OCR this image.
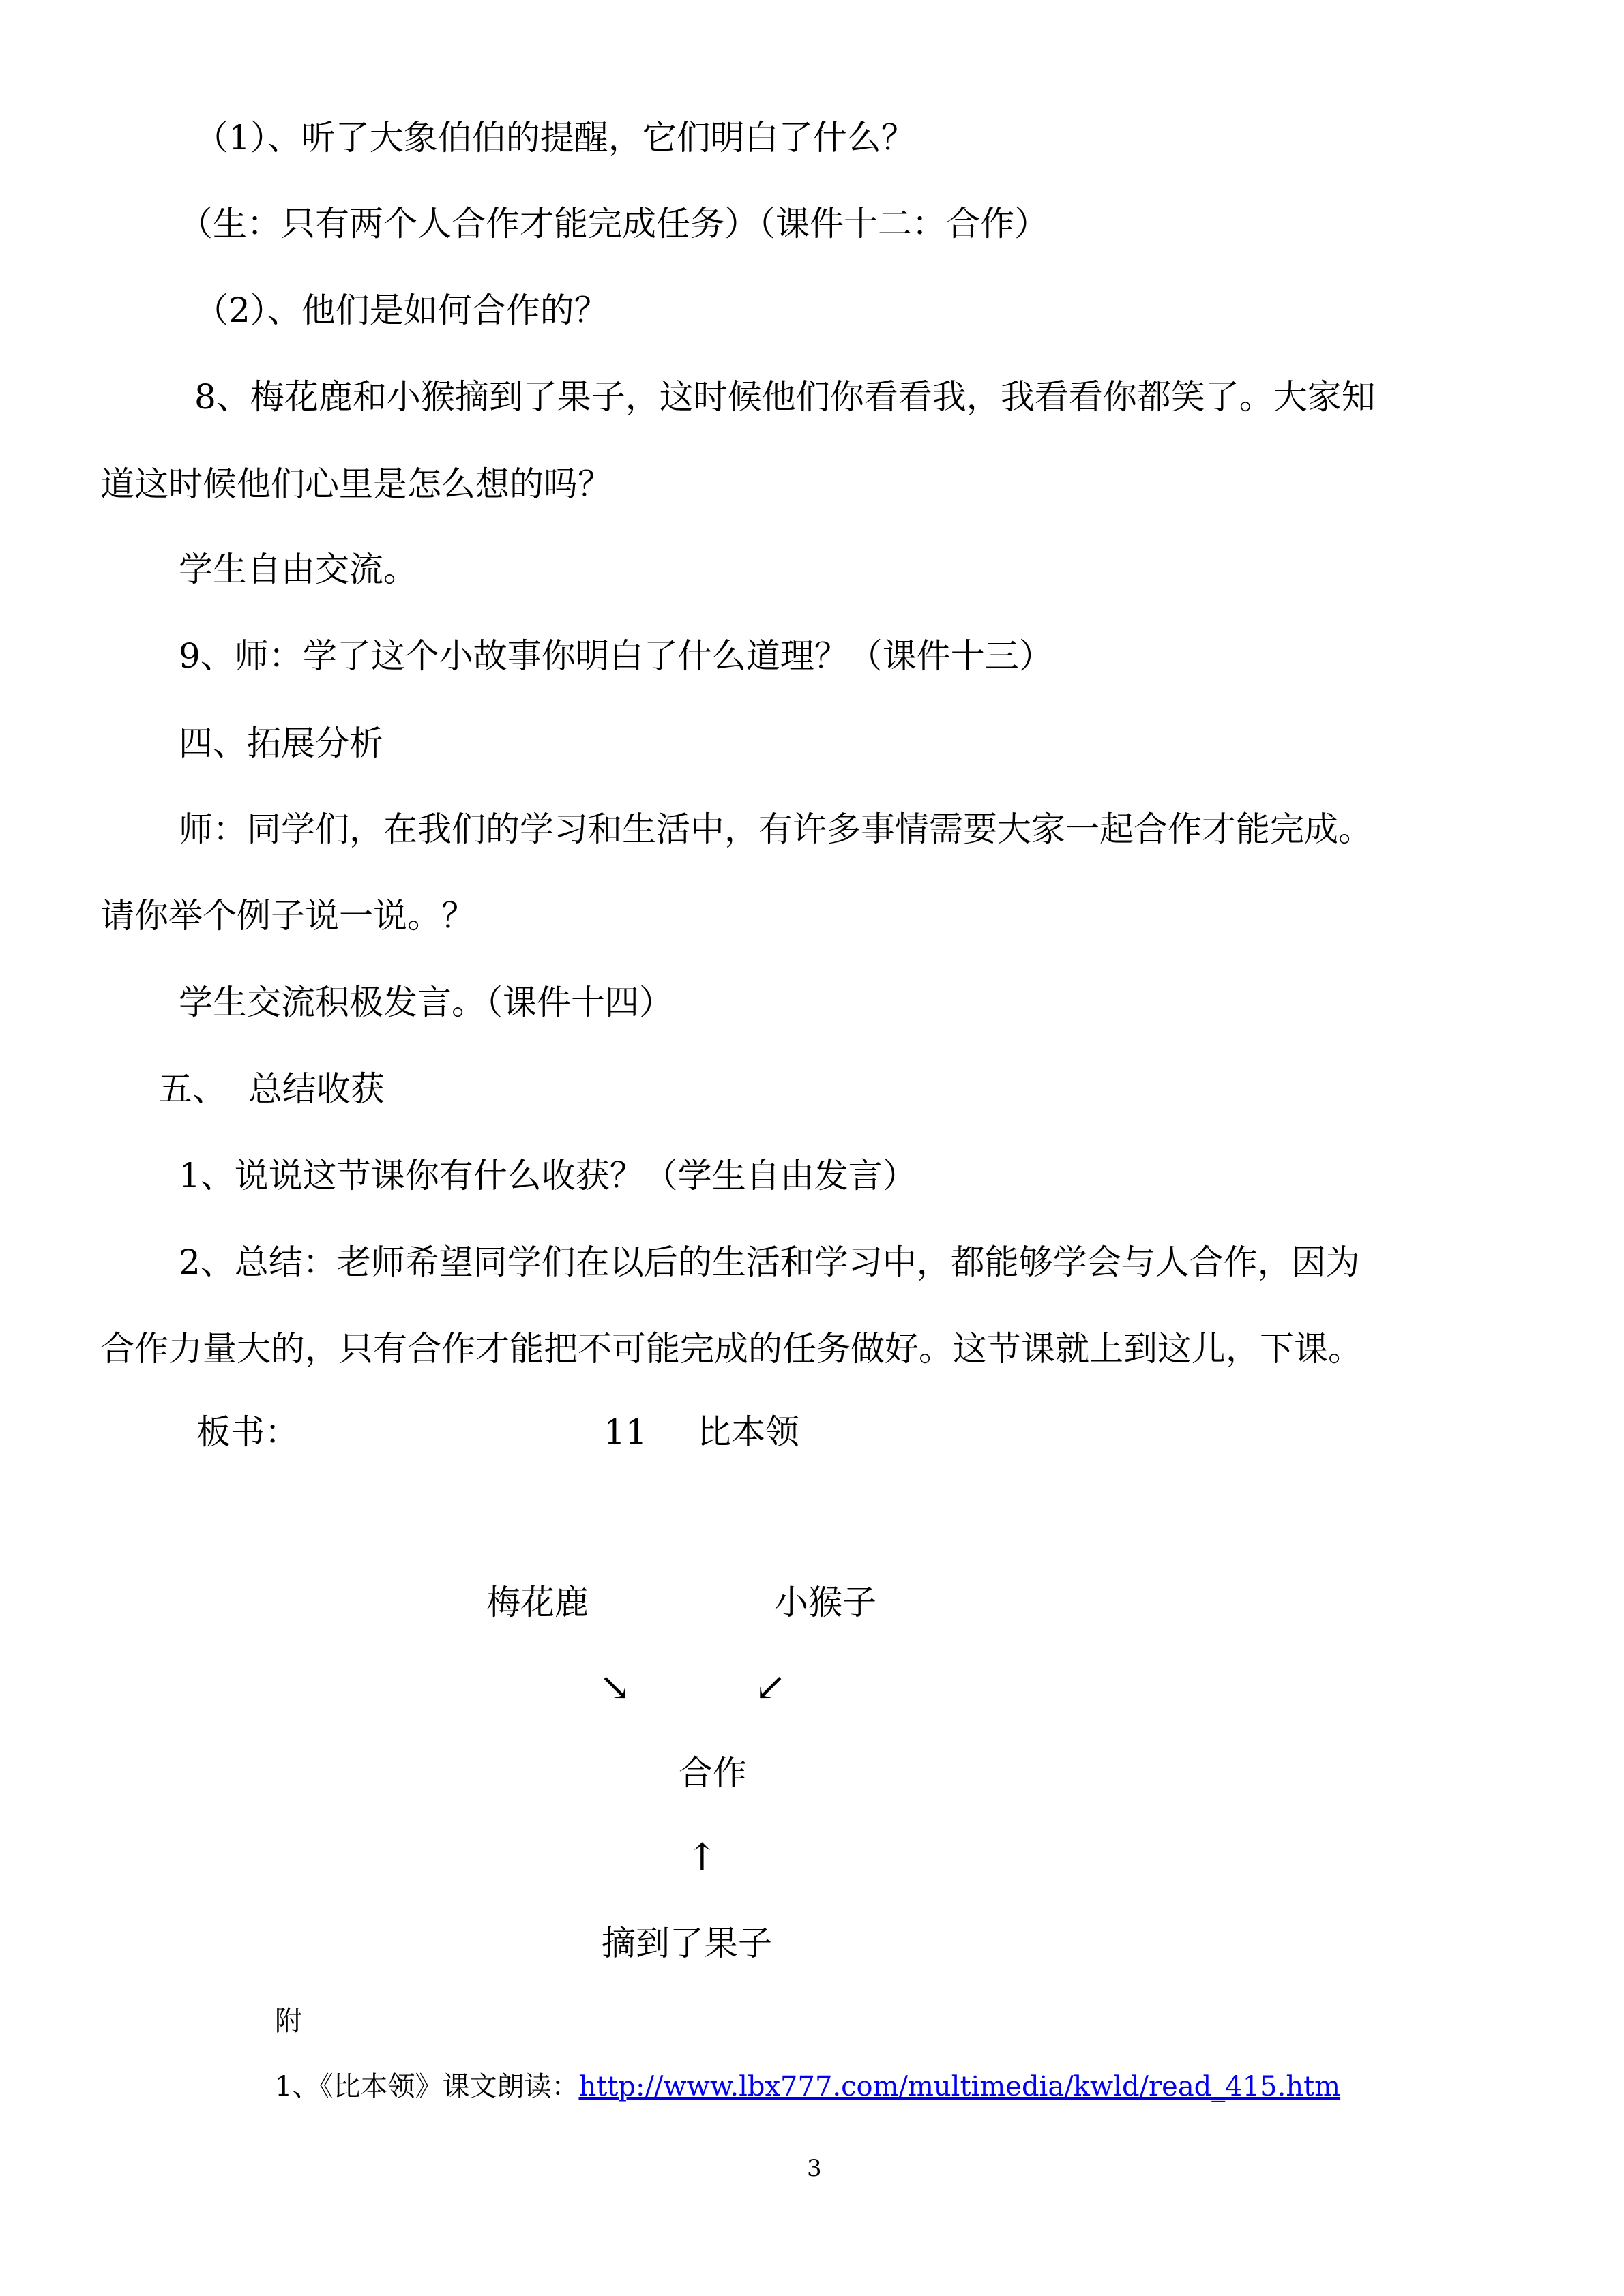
（1）、听了大象伯伯的提醒，它们明白了什么？
（生：只有两个人合作才能完成任务）（课件十二：合作）
（2）、他们是如何合作的？
8、梅花鹿和小猴摘到了果子，这时候他们你看看我，我看看你都笑了。大家知
道这时候他们心里是怎么想的吗？
学生自由交流。
9、师：学了这个小故事你明白了什么道理？（课件十三）
四、拓展分析
师：同学们，在我们的学习和生活中，有许多事情需要大家一起合作才能完成。
请你举个例子说一说。？
学生交流积极发言。（课件十四）
五、  总结收获
1、说说这节课你有什么收获？（学生自由发言）
2、总结：老师希望同学们在以后的生活和学习中，都能够学会与人合作，因为
合作力量大的，只有合作才能把不可能完成的任务做好。这节课就上到这儿，下课。
板书：	11 比本领
梅花鹿	小猴子
↘	↙
合作
↑
摘到了果子
附
1、《比本领》课文朗读：http://www.lbx777.com/multimedia/kwld/read_415.htm
3
